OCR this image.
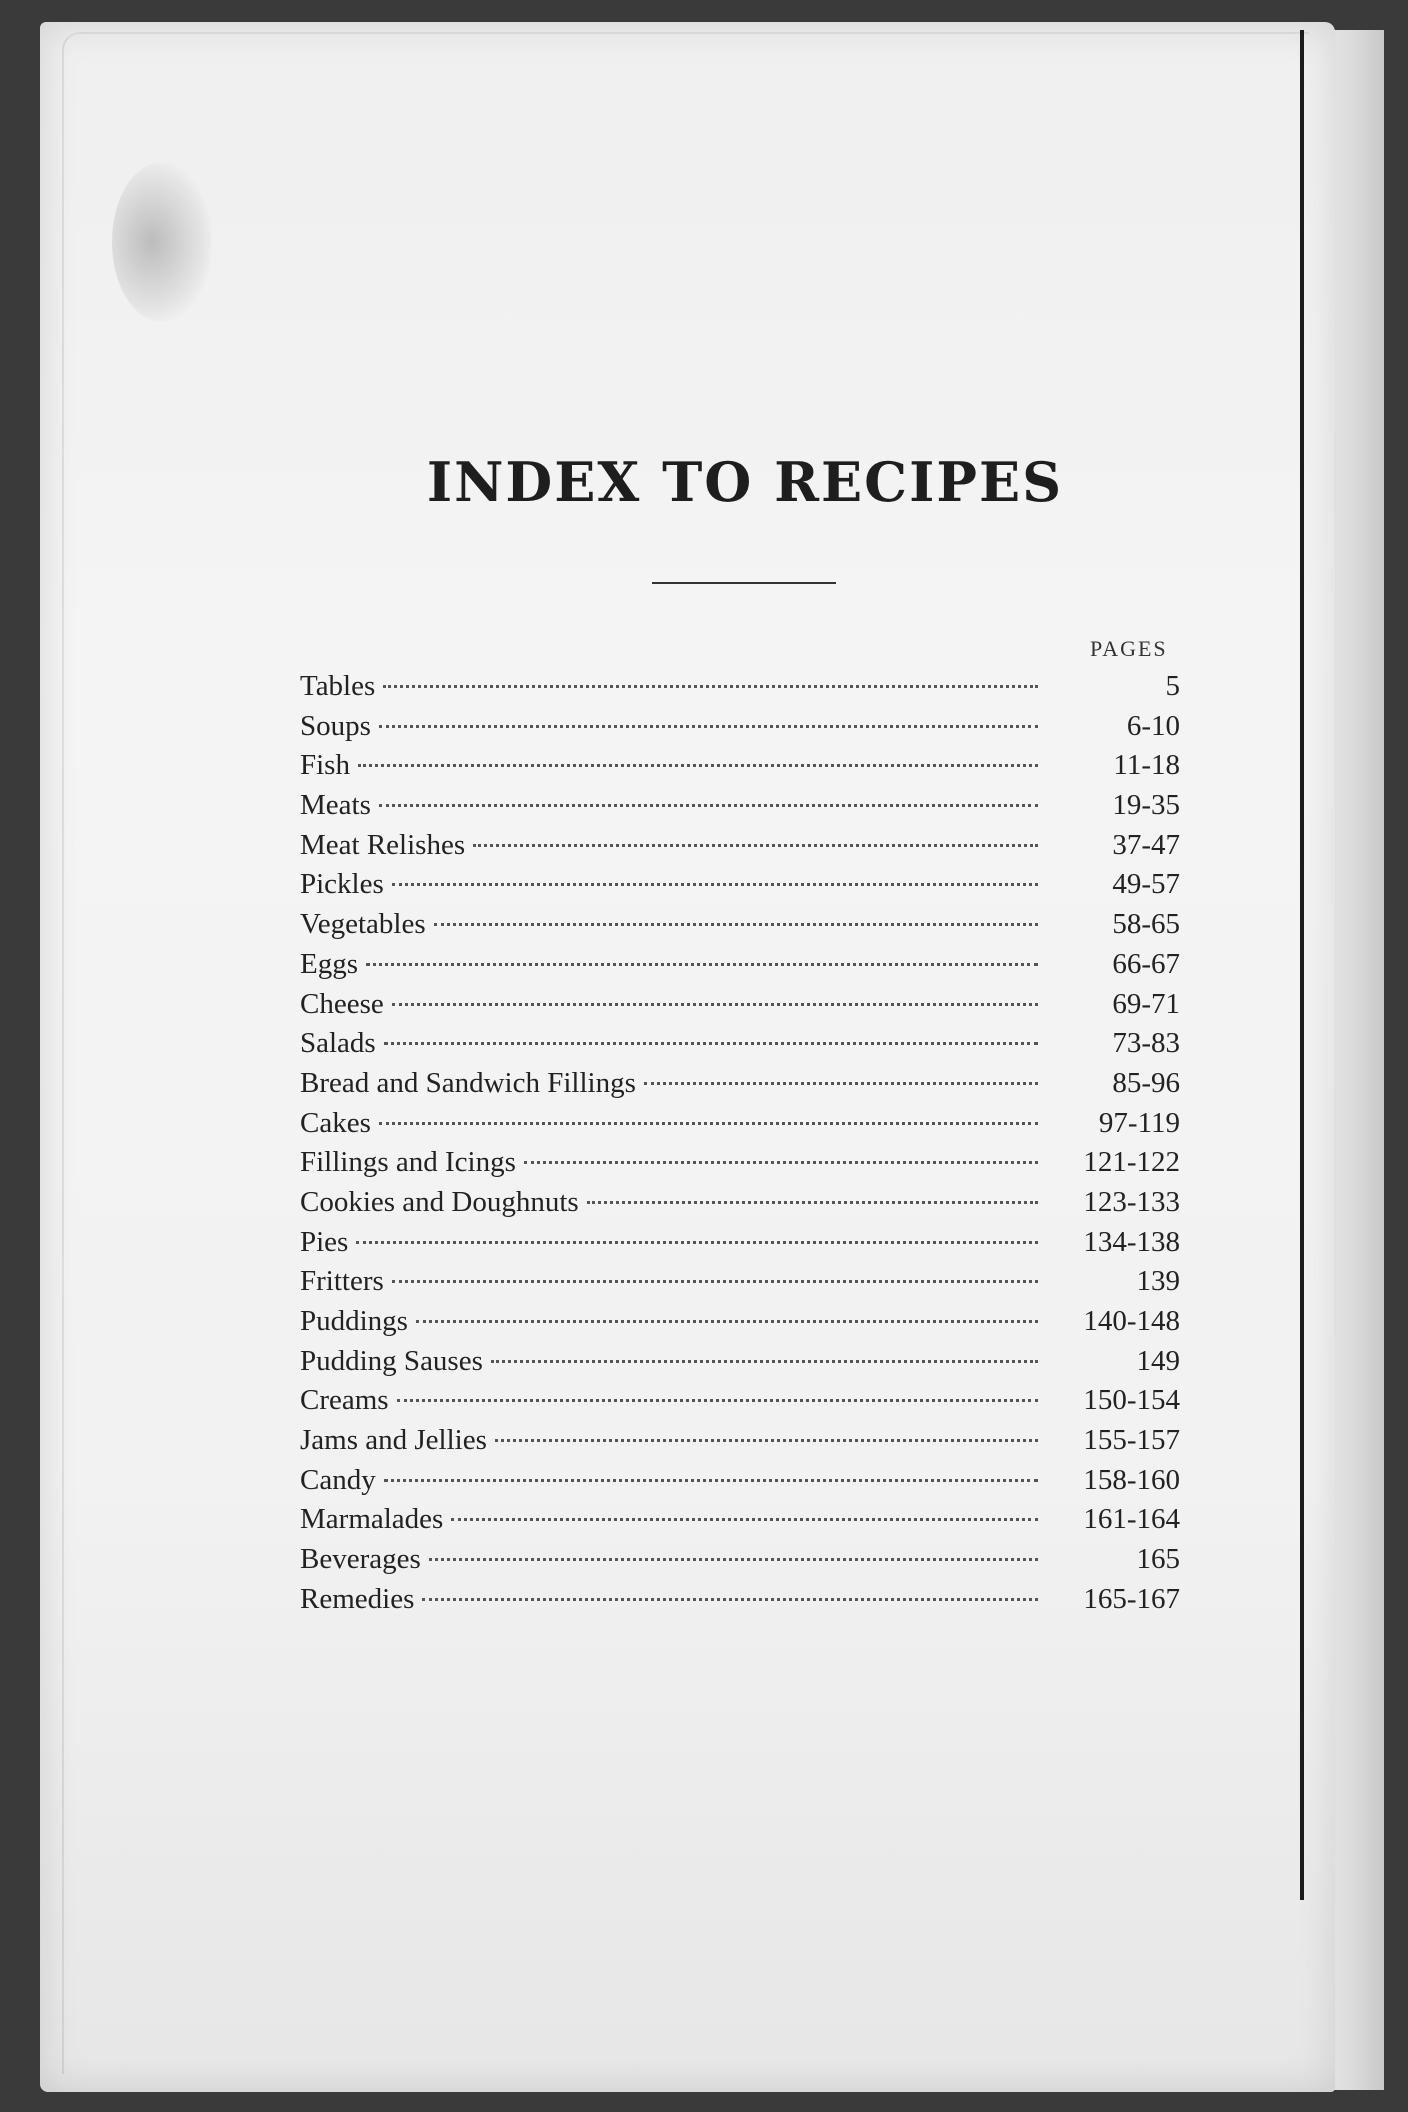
INDEX TO RECIPES
PAGES
Tables	5
Soups	6-10
Fish	11-18
Meats	19-35
Meat Relishes	37-47
Pickles	49-57
Vegetables	58-65
Eggs	66-67
Cheese	69-71
Salads	73-83
Bread and Sandwich Fillings	85-96
Cakes	97-119
Fillings and Icings	121-122
Cookies and Doughnuts	123-133
Pies	134-138
Fritters	139
Puddings	140-148
Pudding Sauses	149
Creams	150-154
Jams and Jellies	155-157
Candy	158-160
Marmalades	161-164
Beverages	165
Remedies	165-167
